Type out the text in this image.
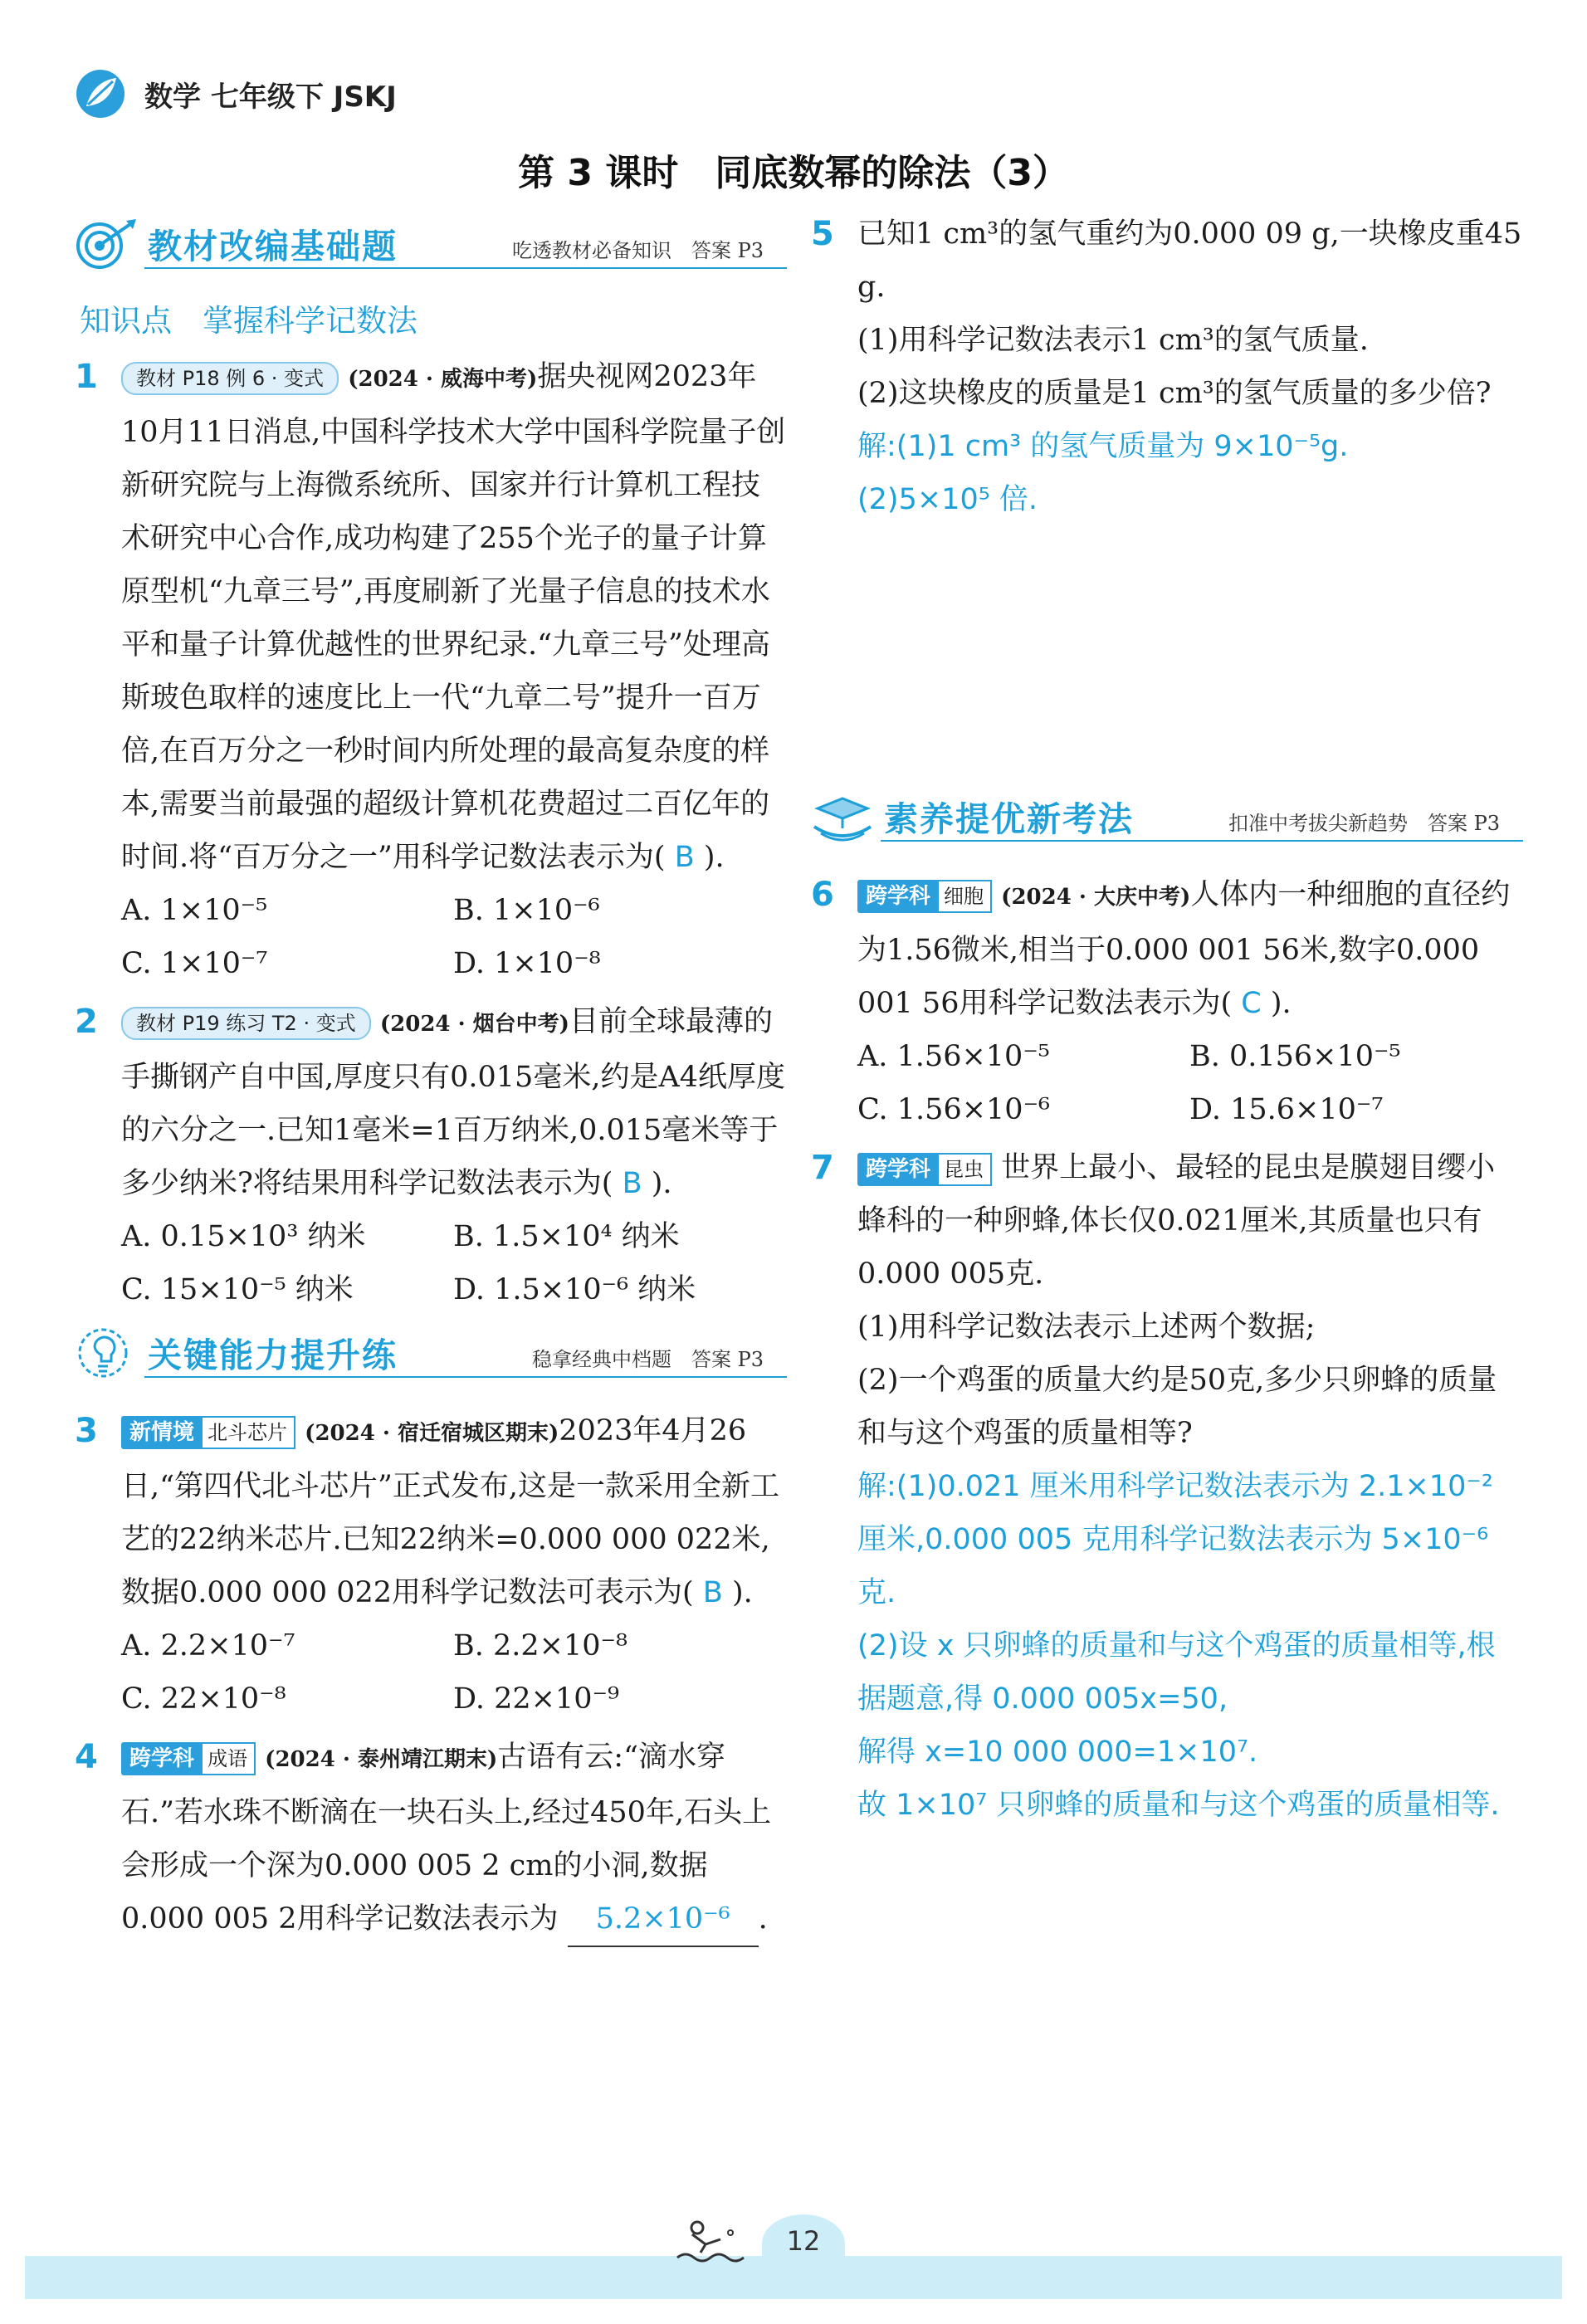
数学 七年级下 JSKJ
第 3 课时　同底数幂的除法（3）
教材改编基础题	吃透教材必备知识　答案 P3
知识点　掌握科学记数法
1 教材 P18 例 6 · 变式 (2024 · 威海中考)据央视网2023年10月11日消息,中国科学技术大学中国科学院量子创新研究院与上海微系统所、国家并行计算机工程技术研究中心合作,成功构建了255个光子的量子计算原型机“九章三号”,再度刷新了光量子信息的技术水平和量子计算优越性的世界纪录.“九章三号”处理高斯玻色取样的速度比上一代“九章二号”提升一百万倍,在百万分之一秒时间内所处理的最高复杂度的样本,需要当前最强的超级计算机花费超过二百亿年的时间.将“百万分之一”用科学记数法表示为( B ).
A. 1×10⁻⁵	B. 1×10⁻⁶
C. 1×10⁻⁷	D. 1×10⁻⁸
2 教材 P19 练习 T2 · 变式 (2024 · 烟台中考)目前全球最薄的手撕钢产自中国,厚度只有0.015毫米,约是A4纸厚度的六分之一.已知1毫米=1百万纳米,0.015毫米等于多少纳米?将结果用科学记数法表示为( B ).
A. 0.15×10³ 纳米	B. 1.5×10⁴ 纳米
C. 15×10⁻⁵ 纳米	D. 1.5×10⁻⁶ 纳米
关键能力提升练	稳拿经典中档题　答案 P3
3 新情境 北斗芯片 (2024 · 宿迁宿城区期末)2023年4月26日,“第四代北斗芯片”正式发布,这是一款采用全新工艺的22纳米芯片.已知22纳米=0.000 000 022米,数据0.000 000 022用科学记数法可表示为( B ).
A. 2.2×10⁻⁷	B. 2.2×10⁻⁸
C. 22×10⁻⁸	D. 22×10⁻⁹
4 跨学科 成语 (2024 · 泰州靖江期末)古语有云:“滴水穿石.”若水珠不断滴在一块石头上,经过450年,石头上会形成一个深为0.000 005 2 cm的小洞,数据0.000 005 2用科学记数法表示为 5.2×10⁻⁶ .
5 已知1 cm³的氢气重约为0.000 09 g,一块橡皮重45 g.
(1)用科学记数法表示1 cm³的氢气质量.
(2)这块橡皮的质量是1 cm³的氢气质量的多少倍?
解:(1)1 cm³ 的氢气质量为 9×10⁻⁵g.
(2)5×10⁵ 倍.
素养提优新考法	扣准中考拔尖新趋势　答案 P3
6 跨学科 细胞 (2024 · 大庆中考)人体内一种细胞的直径约为1.56微米,相当于0.000 001 56米,数字0.000 001 56用科学记数法表示为( C ).
A. 1.56×10⁻⁵	B. 0.156×10⁻⁵
C. 1.56×10⁻⁶	D. 15.6×10⁻⁷
7 跨学科 昆虫 世界上最小、最轻的昆虫是膜翅目缨小蜂科的一种卵蜂,体长仅0.021厘米,其质量也只有0.000 005克.
(1)用科学记数法表示上述两个数据;
(2)一个鸡蛋的质量大约是50克,多少只卵蜂的质量和与这个鸡蛋的质量相等?
解:(1)0.021 厘米用科学记数法表示为 2.1×10⁻² 厘米,0.000 005 克用科学记数法表示为 5×10⁻⁶ 克.
(2)设 x 只卵蜂的质量和与这个鸡蛋的质量相等,根据题意,得 0.000 005x=50,
解得 x=10 000 000=1×10⁷.
故 1×10⁷ 只卵蜂的质量和与这个鸡蛋的质量相等.
12
